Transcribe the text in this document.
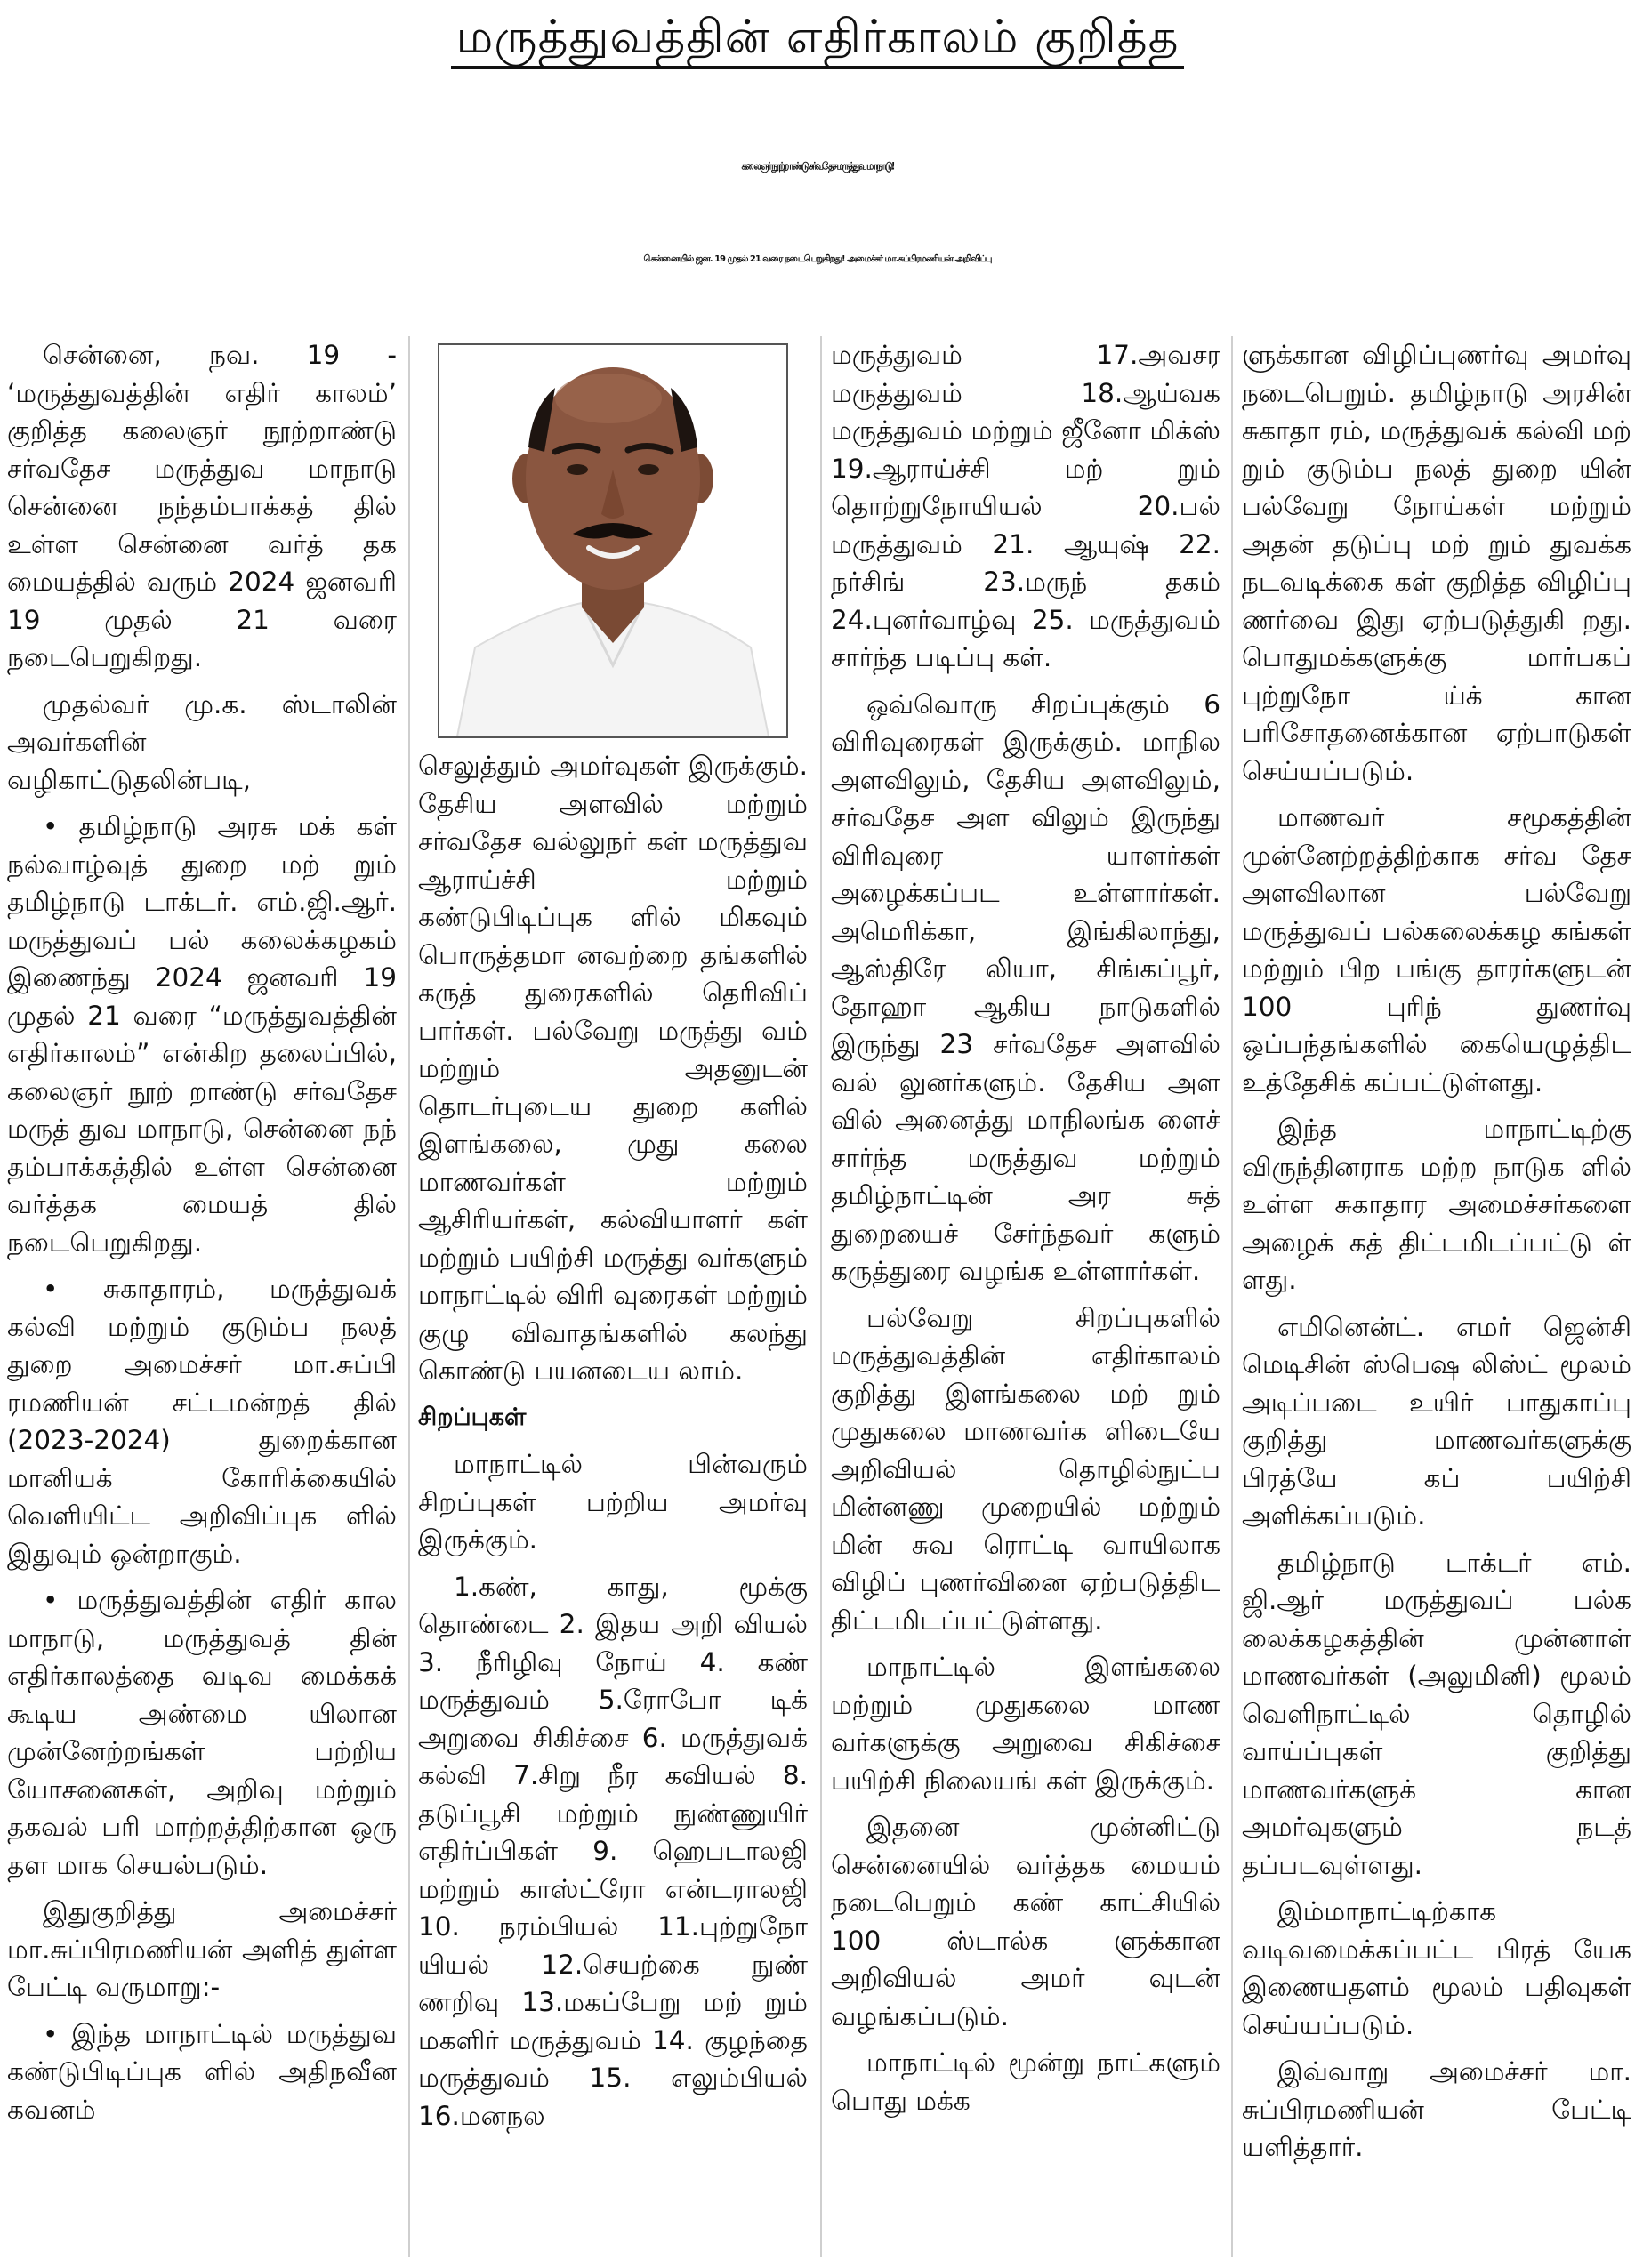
மருத்துவத்தின் எதிர்காலம் குறித்த
கலைஞர் நூற்றாண்டு சர்வதேச மருத்துவ மாநாடு!
சென்னையில் ஜன. 19 முதல் 21 வரை நடைபெறுகிறது! அமைச்சர் மா.சுப்பிரமணியன் அறிவிப்பு

சென்னை, நவ. 19 - ‘மருத்துவத்தின் எதிர் காலம்’ குறித்த கலைஞர் நூற்றாண்டு சர்வதேச மருத்துவ மாநாடு சென்னை நந்தம்பாக்கத் தில் உள்ள சென்னை வர்த் தக மையத்தில் வரும் 2024 ஜனவரி 19 முதல் 21 வரை நடைபெறுகிறது.

முதல்வர் மு.க. ஸ்டாலின் அவர்களின் வழிகாட்டுதலின்படி,

• தமிழ்நாடு அரசு மக் கள் நல்வாழ்வுத் துறை மற் றும் தமிழ்நாடு டாக்டர். எம்.ஜி.ஆர். மருத்துவப் பல் கலைக்கழகம் இணைந்து 2024 ஜனவரி 19 முதல் 21 வரை “மருத்துவத்தின் எதிர்காலம்” என்கிற தலைப்பில், கலைஞர் நூற் றாண்டு சர்வதேச மருத் துவ மாநாடு, சென்னை நந் தம்பாக்கத்தில் உள்ள சென்னை வர்த்தக மையத் தில் நடைபெறுகிறது.

• சுகாதாரம், மருத்துவக் கல்வி மற்றும் குடும்ப நலத் துறை அமைச்சர் மா.சுப்பி ரமணியன் சட்டமன்றத் தில் (2023-2024) துறைக்கான மானியக் கோரிக்கையில் வெளியிட்ட அறிவிப்புக ளில் இதுவும் ஒன்றாகும்.

• மருத்துவத்தின் எதிர் கால மாநாடு, மருத்துவத் தின் எதிர்காலத்தை வடிவ மைக்கக் கூடிய அண்மை யிலான முன்னேற்றங்கள் பற்றிய யோசனைகள், அறிவு மற்றும் தகவல் பரி மாற்றத்திற்கான ஒரு தள மாக செயல்படும்.

இதுகுறித்து அமைச்சர் மா.சுப்பிரமணியன் அளித் துள்ள பேட்டி வருமாறு:-

• இந்த மாநாட்டில் மருத்துவ கண்டுபிடிப்புக ளில் அதிநவீன கவனம்

செலுத்தும் அமர்வுகள் இருக்கும். தேசிய அளவில் மற்றும் சர்வதேச வல்லுநர் கள் மருத்துவ ஆராய்ச்சி மற்றும் கண்டுபிடிப்புக ளில் மிகவும் பொருத்தமா னவற்றை தங்களில் கருத் துரைகளில் தெரிவிப் பார்கள். பல்வேறு மருத்து வம் மற்றும் அதனுடன் தொடர்புடைய துறை களில் இளங்கலை, முது கலை மாணவர்கள் மற்றும் ஆசிரியர்கள், கல்வியாளர் கள் மற்றும் பயிற்சி மருத்து வர்களும் மாநாட்டில் விரி வுரைகள் மற்றும் குழு விவாதங்களில் கலந்து கொண்டு பயனடைய லாம்.

சிறப்புகள்

மாநாட்டில் பின்வரும் சிறப்புகள் பற்றிய அமர்வு இருக்கும்.

1.கண், காது, மூக்கு தொண்டை 2. இதய அறி வியல் 3. நீரிழிவு நோய் 4. கண் மருத்துவம் 5.ரோபோ டிக் அறுவை சிகிச்சை 6. மருத்துவக் கல்வி 7.சிறு நீர கவியல் 8. தடுப்பூசி மற்றும் நுண்ணுயிர் எதிர்ப்பிகள் 9. ஹெபடாலஜி மற்றும் காஸ்ட்ரோ என்டராலஜி 10. நரம்பியல் 11.புற்றுநோ யியல் 12.செயற்கை நுண் ணறிவு 13.மகப்பேறு மற் றும் மகளிர் மருத்துவம் 14. குழந்தை மருத்துவம் 15. எலும்பியல் 16.மனநல

மருத்துவம் 17.அவசர மருத்துவம் 18.ஆய்வக மருத்துவம் மற்றும் ஜீனோ மிக்ஸ் 19.ஆராய்ச்சி மற் றும் தொற்றுநோயியல் 20.பல் மருத்துவம் 21. ஆயுஷ் 22. நர்சிங் 23.மருந் தகம் 24.புனர்வாழ்வு 25. மருத்துவம் சார்ந்த படிப்பு கள்.

ஒவ்வொரு சிறப்புக்கும் 6 விரிவுரைகள் இருக்கும். மாநில அளவிலும், தேசிய அளவிலும், சர்வதேச அள விலும் இருந்து விரிவுரை யாளர்கள் அழைக்கப்பட உள்ளார்கள். அமெரிக்கா, இங்கிலாந்து, ஆஸ்திரே லியா, சிங்கப்பூர், தோஹா ஆகிய நாடுகளில் இருந்து 23 சர்வதேச அளவில் வல் லுனர்களும். தேசிய அள வில் அனைத்து மாநிலங்க ளைச் சார்ந்த மருத்துவ மற்றும் தமிழ்நாட்டின் அர சுத் துறையைச் சேர்ந்தவர் களும் கருத்துரை வழங்க உள்ளார்கள்.

பல்வேறு சிறப்புகளில் மருத்துவத்தின் எதிர்காலம் குறித்து இளங்கலை மற் றும் முதுகலை மாணவர்க ளிடையே அறிவியல் தொழில்நுட்ப மின்னணு முறையில் மற்றும் மின் சுவ ரொட்டி வாயிலாக விழிப் புணர்வினை ஏற்படுத்திட திட்டமிடப்பட்டுள்ளது.

மாநாட்டில் இளங்கலை மற்றும் முதுகலை மாண வர்களுக்கு அறுவை சிகிச்சை பயிற்சி நிலையங் கள் இருக்கும்.

இதனை முன்னிட்டு சென்னையில் வர்த்தக மையம் நடைபெறும் கண் காட்சியில் 100 ஸ்டால்க ளுக்கான அறிவியல் அமர் வுடன் வழங்கப்படும்.

மாநாட்டில் மூன்று நாட்களும் பொது மக்க

ளுக்கான விழிப்புணர்வு அமர்வு நடைபெறும். தமிழ்நாடு அரசின் சுகாதா ரம், மருத்துவக் கல்வி மற் றும் குடும்ப நலத் துறை யின் பல்வேறு நோய்கள் மற்றும் அதன் தடுப்பு மற் றும் துவக்க நடவடிக்கை கள் குறித்த விழிப்பு ணர்வை இது ஏற்படுத்துகி றது. பொதுமக்களுக்கு மார்பகப் புற்றுநோ ய்க் கான பரிசோதனைக்கான ஏற்பாடுகள் செய்யப்படும்.

மாணவர் சமூகத்தின் முன்னேற்றத்திற்காக சர்வ தேச அளவிலான பல்வேறு மருத்துவப் பல்கலைக்கழ கங்கள் மற்றும் பிற பங்கு தாரர்களுடன் 100 புரிந் துணர்வு ஒப்பந்தங்களில் கையெழுத்திட உத்தேசிக் கப்பட்டுள்ளது.

இந்த மாநாட்டிற்கு விருந்தினராக மற்ற நாடுக ளில் உள்ள சுகாதார அமைச்சர்களை அழைக் கத் திட்டமிடப்பட்டு ள் ளது.

எமினென்ட். எமர் ஜென்சி மெடிசின் ஸ்பெஷ லிஸ்ட் மூலம் அடிப்படை உயிர் பாதுகாப்பு குறித்து மாணவர்களுக்கு பிரத்யே கப் பயிற்சி அளிக்கப்படும்.

தமிழ்நாடு டாக்டர் எம். ஜி.ஆர் மருத்துவப் பல்க லைக்கழகத்தின் முன்னாள் மாணவர்கள் (அலுமினி) மூலம் வெளிநாட்டில் தொழில் வாய்ப்புகள் குறித்து மாணவர்களுக் கான அமர்வுகளும் நடத் தப்படவுள்ளது.

இம்மாநாட்டிற்காக வடிவமைக்கப்பட்ட பிரத் யேக இணையதளம் மூலம் பதிவுகள் செய்யப்படும்.

இவ்வாறு அமைச்சர் மா. சுப்பிரமணியன் பேட்டி யளித்தார்.
